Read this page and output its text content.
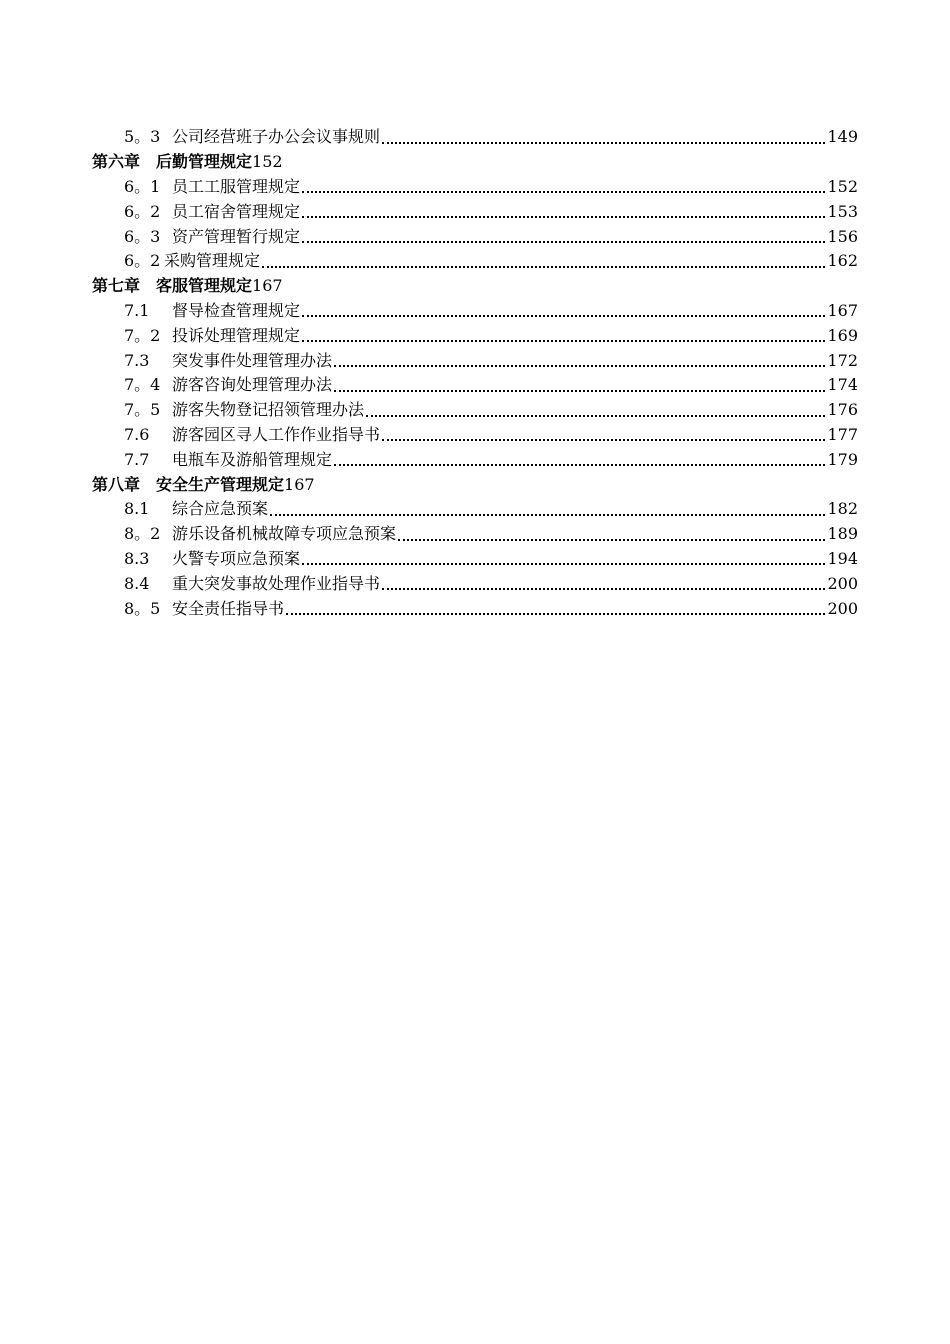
5。3 公司经营班子办公会议事规则	149
第六章 后勤管理规定 152
6。1 员工工服管理规定	152
6。2 员工宿舍管理规定	153
6。3 资产管理暂行规定	156
6。2 采购管理规定	162
第七章 客服管理规定 167
7.1	督导检查管理规定	167
7。2 投诉处理管理规定	169
7.3	突发事件处理管理办法	172
7。4 游客咨询处理管理办法	174
7。5 游客失物登记招领管理办法	176
7.6	游客园区寻人工作作业指导书	177
7.7	电瓶车及游船管理规定	179
第八章 安全生产管理规定 167
8.1	综合应急预案	182
8。2 游乐设备机械故障专项应急预案	189
8.3	火警专项应急预案	194
8.4	重大突发事故处理作业指导书	200
8。5 安全责任指导书	200
